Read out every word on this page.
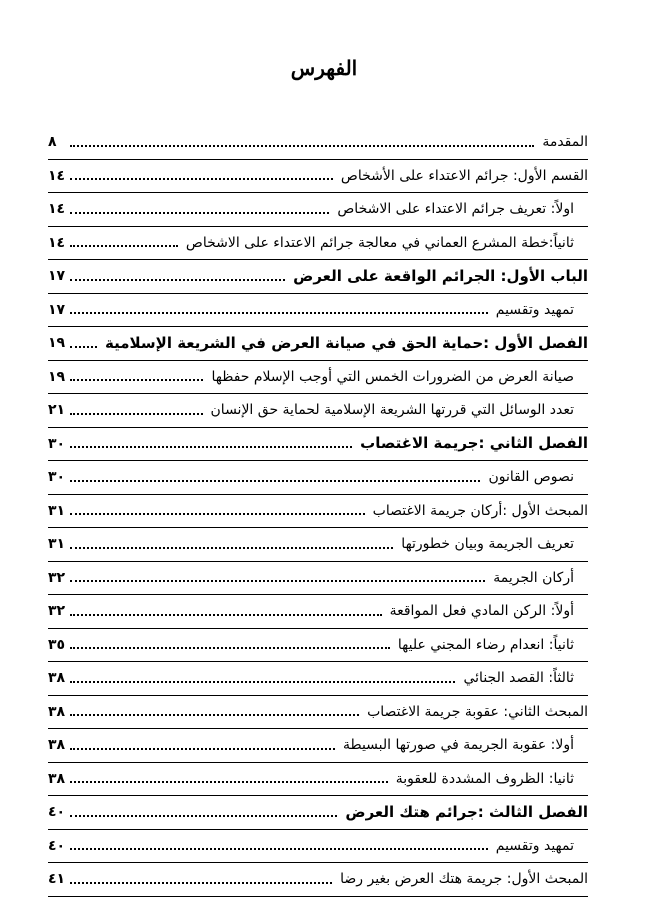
الفهرس
المقدمة
٨
القسم الأول: جرائم الاعتداء على الأشخاص
١٤
اولاً: تعريف جرائم الاعتداء على الاشخاص
١٤
ثانياً:خطة المشرع العماني في معالجة جرائم الاعتداء على الاشخاص
١٤
الباب الأول: الجرائم الواقعة على العرض
١٧
تمهيد وتقسيم
١٧
الفصل الأول :حماية الحق في صيانة العرض في الشريعة الإسلامية
١٩
صيانة العرض من الضرورات الخمس التي أوجب الإسلام حفظها
١٩
تعدد الوسائل التي قررتها الشريعة الإسلامية لحماية حق الإنسان
٢١
الفصل الثاني :جريمة الاغتصاب
٣٠
نصوص القانون
٣٠
المبحث الأول :أركان جريمة الاغتصاب
٣١
تعريف الجريمة وبيان خطورتها
٣١
أركان الجريمة
٣٢
أولاً: الركن المادي فعل المواقعة
٣٢
ثانياً: انعدام رضاء المجني عليها
٣٥
ثالثاً: القصد الجنائي
٣٨
المبحث الثاني: عقوبة جريمة الاغتصاب
٣٨
أولا: عقوبة الجريمة في صورتها البسيطة
٣٨
ثانيا: الظروف المشددة للعقوبة
٣٨
الفصل الثالث :جرائم هتك العرض
٤٠
تمهيد وتقسيم
٤٠
المبحث الأول: جريمة هتك العرض بغير رضا
٤١
